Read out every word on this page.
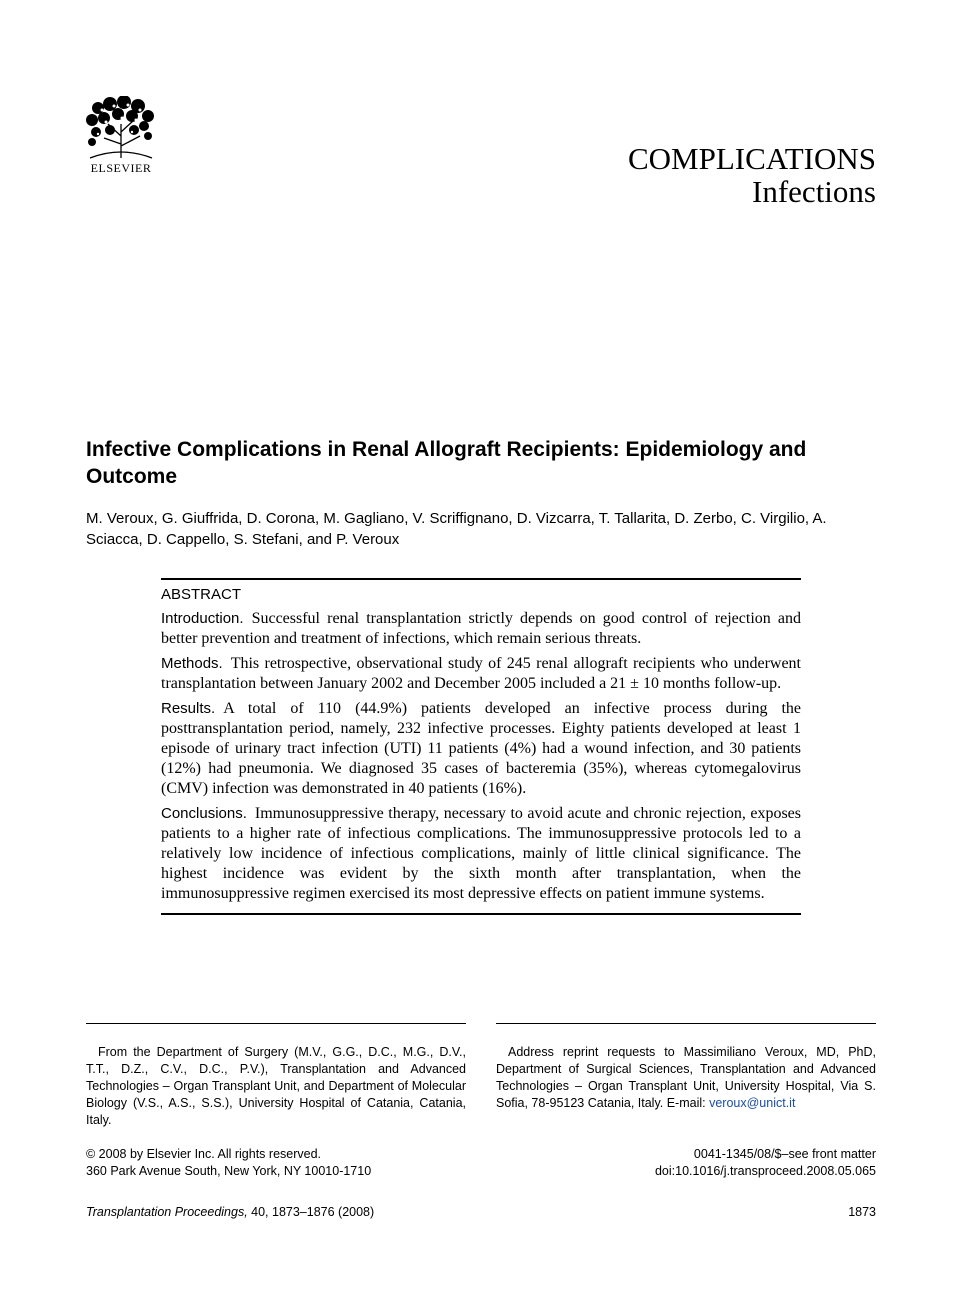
ELSEVIER	COMPLICATIONS
Infections
Infective Complications in Renal Allograft Recipients: Epidemiology and Outcome
M. Veroux, G. Giuffrida, D. Corona, M. Gagliano, V. Scriffignano, D. Vizcarra, T. Tallarita, D. Zerbo, C. Virgilio, A. Sciacca, D. Cappello, S. Stefani, and P. Veroux
ABSTRACT

Introduction. Successful renal transplantation strictly depends on good control of rejection and better prevention and treatment of infections, which remain serious threats.

Methods. This retrospective, observational study of 245 renal allograft recipients who underwent transplantation between January 2002 and December 2005 included a 21 ± 10 months follow-up.

Results. A total of 110 (44.9%) patients developed an infective process during the posttransplantation period, namely, 232 infective processes. Eighty patients developed at least 1 episode of urinary tract infection (UTI) 11 patients (4%) had a wound infection, and 30 patients (12%) had pneumonia. We diagnosed 35 cases of bacteremia (35%), whereas cytomegalovirus (CMV) infection was demonstrated in 40 patients (16%).

Conclusions. Immunosuppressive therapy, necessary to avoid acute and chronic rejection, exposes patients to a higher rate of infectious complications. The immunosuppressive protocols led to a relatively low incidence of infectious complications, mainly of little clinical significance. The highest incidence was evident by the sixth month after transplantation, when the immunosuppressive regimen exercised its most depressive effects on patient immune systems.

From the Department of Surgery (M.V., G.G., D.C., M.G., D.V., T.T., D.Z., C.V., D.C., P.V.), Transplantation and Advanced Technologies – Organ Transplant Unit, and Department of Molecular Biology (V.S., A.S., S.S.), University Hospital of Catania, Catania, Italy.
Address reprint requests to Massimiliano Veroux, MD, PhD, Department of Surgical Sciences, Transplantation and Advanced Technologies – Organ Transplant Unit, University Hospital, Via S. Sofia, 78-95123 Catania, Italy. E-mail: veroux@unict.it
© 2008 by Elsevier Inc. All rights reserved.
360 Park Avenue South, New York, NY 10010-1710
0041-1345/08/$–see front matter
doi:10.1016/j.transproceed.2008.05.065
Transplantation Proceedings, 40, 1873–1876 (2008)	1873
